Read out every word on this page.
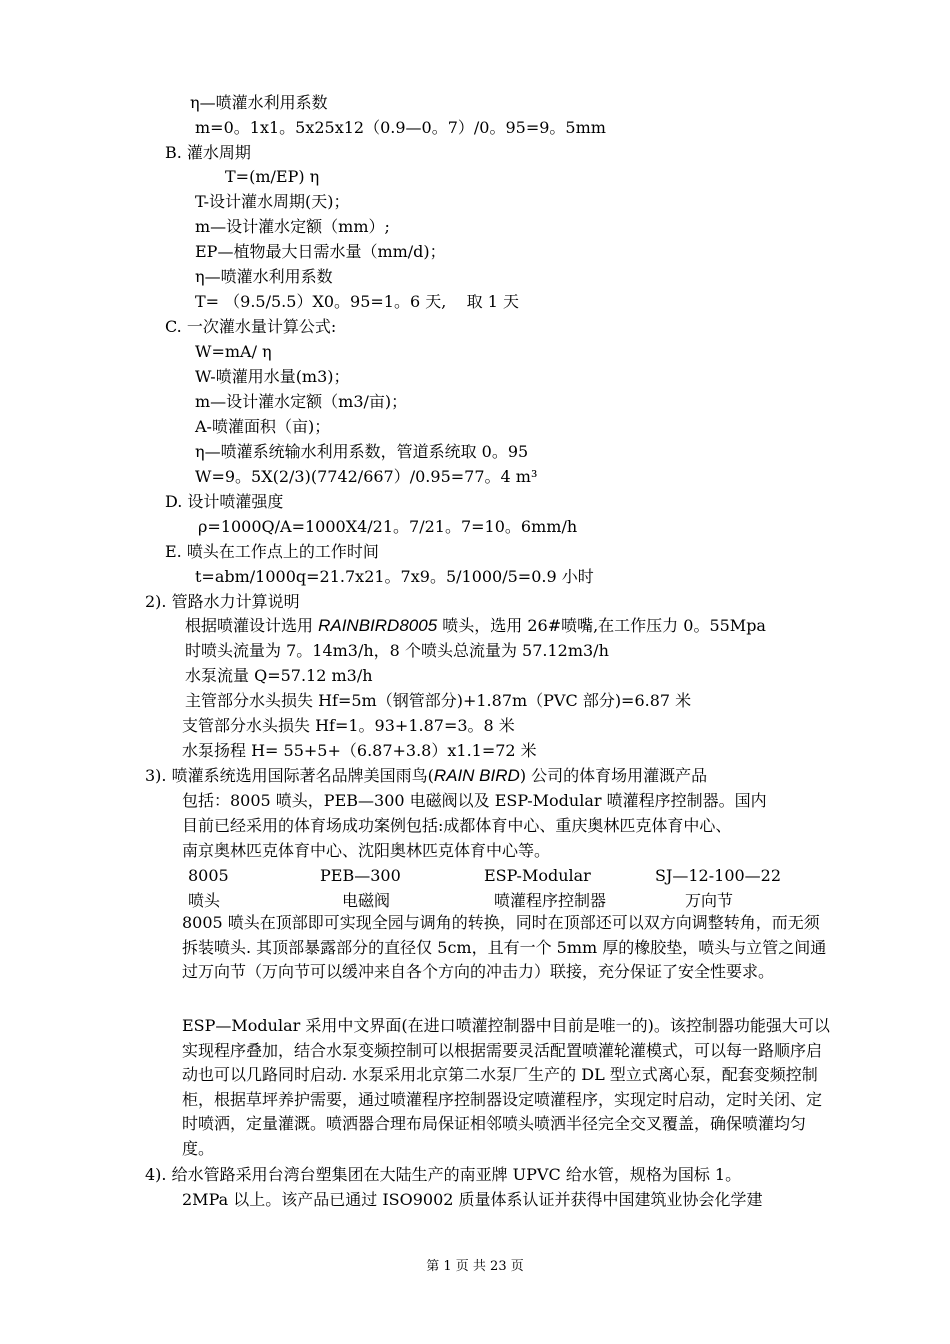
η—喷灌水利用系数
m=0。1x1。5x25x12（0.9—0。7）/0。95=9。5mm
B. 灌水周期
T=(m/EP) η
T-设计灌水周期(天)；
m—设计灌水定额（mm）;
EP—植物最大日需水量（mm/d)；
η—喷灌水利用系数
T= （9.5/5.5）X0。95=1。6 天,    取 1 天
C. 一次灌水量计算公式:
W=mA/ η
W-喷灌用水量(m3)；
m—设计灌水定额（m3/亩)；
A-喷灌面积（亩)；
η—喷灌系统输水利用系数，管道系统取 0。95
W=9。5X(2/3)(7742/667）/0.95=77。4 m³
D. 设计喷灌强度
ρ=1000Q/A=1000X4/21。7/21。7=10。6mm/h
E. 喷头在工作点上的工作时间
t=abm/1000q=21.7x21。7x9。5/1000/5=0.9 小时
2). 管路水力计算说明
根据喷灌设计选用 RAINBIRD8005 喷头，选用 26#喷嘴,在工作压力 0。55Mpa
时喷头流量为 7。14m3/h，8 个喷头总流量为 57.12m3/h
水泵流量 Q=57.12 m3/h
主管部分水头损失 Hf=5m（钢管部分)+1.87m（PVC 部分)=6.87 米
支管部分水头损失 Hf=1。93+1.87=3。8 米
水泵扬程 H= 55+5+（6.87+3.8）x1.1=72 米
3). 喷灌系统选用国际著名品牌美国雨鸟(RAIN BIRD) 公司的体育场用灌溉产品
包括：8005 喷头，PEB—300 电磁阀以及 ESP-Modular 喷灌程序控制器。国内
目前已经采用的体育场成功案例包括:成都体育中心、重庆奥林匹克体育中心、
南京奥林匹克体育中心、沈阳奥林匹克体育中心等。
8005	PEB—300	ESP-Modular	SJ—12-100—22
喷头	电磁阀	喷灌程序控制器	万向节
8005 喷头在顶部即可实现全园与调角的转换，同时在顶部还可以双方向调整转角，而无须拆装喷头. 其顶部暴露部分的直径仅 5cm，且有一个 5mm 厚的橡胶垫，喷头与立管之间通过万向节（万向节可以缓冲来自各个方向的冲击力）联接，充分保证了安全性要求。
ESP—Modular 采用中文界面(在进口喷灌控制器中目前是唯一的)。该控制器功能强大可以实现程序叠加，结合水泵变频控制可以根据需要灵活配置喷灌轮灌模式，可以每一路顺序启动也可以几路同时启动. 水泵采用北京第二水泵厂生产的 DL 型立式离心泵，配套变频控制柜，根据草坪养护需要，通过喷灌程序控制器设定喷灌程序，实现定时启动，定时关闭、定时喷洒，定量灌溉。喷洒器合理布局保证相邻喷头喷洒半径完全交叉覆盖，确保喷灌均匀度。
4). 给水管路采用台湾台塑集团在大陆生产的南亚牌 UPVC 给水管，规格为国标 1。
2MPa 以上。该产品已通过 ISO9002 质量体系认证并获得中国建筑业协会化学建
第 1 页 共 23 页
